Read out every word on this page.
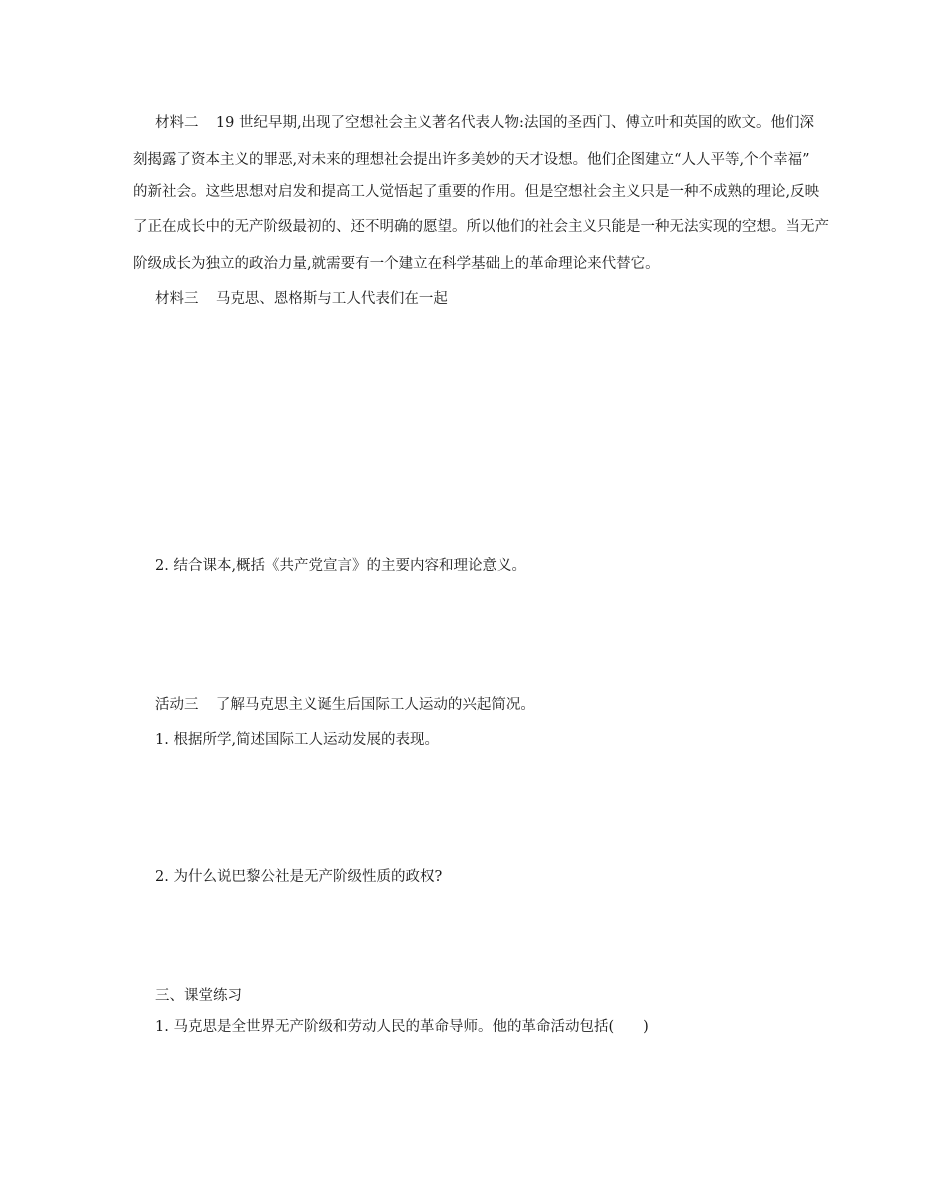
材料二 19 世纪早期,出现了空想社会主义著名代表人物:法国的圣西门、傅立叶和英国的欧文。他们深
刻揭露了资本主义的罪恶,对未来的理想社会提出许多美妙的天才设想。他们企图建立“人人平等,个个幸福”
的新社会。这些思想对启发和提高工人觉悟起了重要的作用。但是空想社会主义只是一种不成熟的理论,反映
了正在成长中的无产阶级最初的、还不明确的愿望。所以他们的社会主义只能是一种无法实现的空想。当无产
阶级成长为独立的政治力量,就需要有一个建立在科学基础上的革命理论来代替它。
材料三 马克思、恩格斯与工人代表们在一起
2. 结合课本,概括《共产党宣言》的主要内容和理论意义。
活动三 了解马克思主义诞生后国际工人运动的兴起简况。
1. 根据所学,简述国际工人运动发展的表现。
2. 为什么说巴黎公社是无产阶级性质的政权?
三、课堂练习
1. 马克思是全世界无产阶级和劳动人民的革命导师。他的革命活动包括(　　)
